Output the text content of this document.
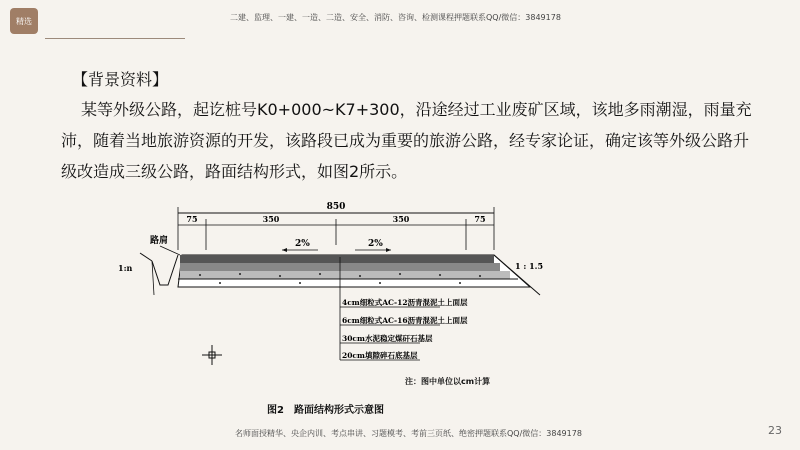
精选	二建、监理、一建、一造、二造、安全、消防、咨询、检测课程押题联系QQ/微信：3849178
【背景资料】
某等外级公路，起讫桩号K0+000~K7+300，沿途经过工业废矿区域，该地多雨潮湿，雨量充沛，随着当地旅游资源的开发，该路段已成为重要的旅游公路，经专家论证，确定该等外级公路升级改造成三级公路，路面结构形式，如图2所示。
850
75	350	350	75
路肩	2%	2%
1:n	1 : 1.5
4cm细粒式AC-12沥青混泥土上面层
6cm细粒式AC-16沥青混泥土上面层
30cm水泥稳定煤矸石基层
20cm填隙碎石底基层
注：图中单位以cm计算
图2　路面结构形式示意图
名师面授精华、央企内训、考点串讲、习题模考、考前三页纸、绝密押题联系QQ/微信：3849178	23
